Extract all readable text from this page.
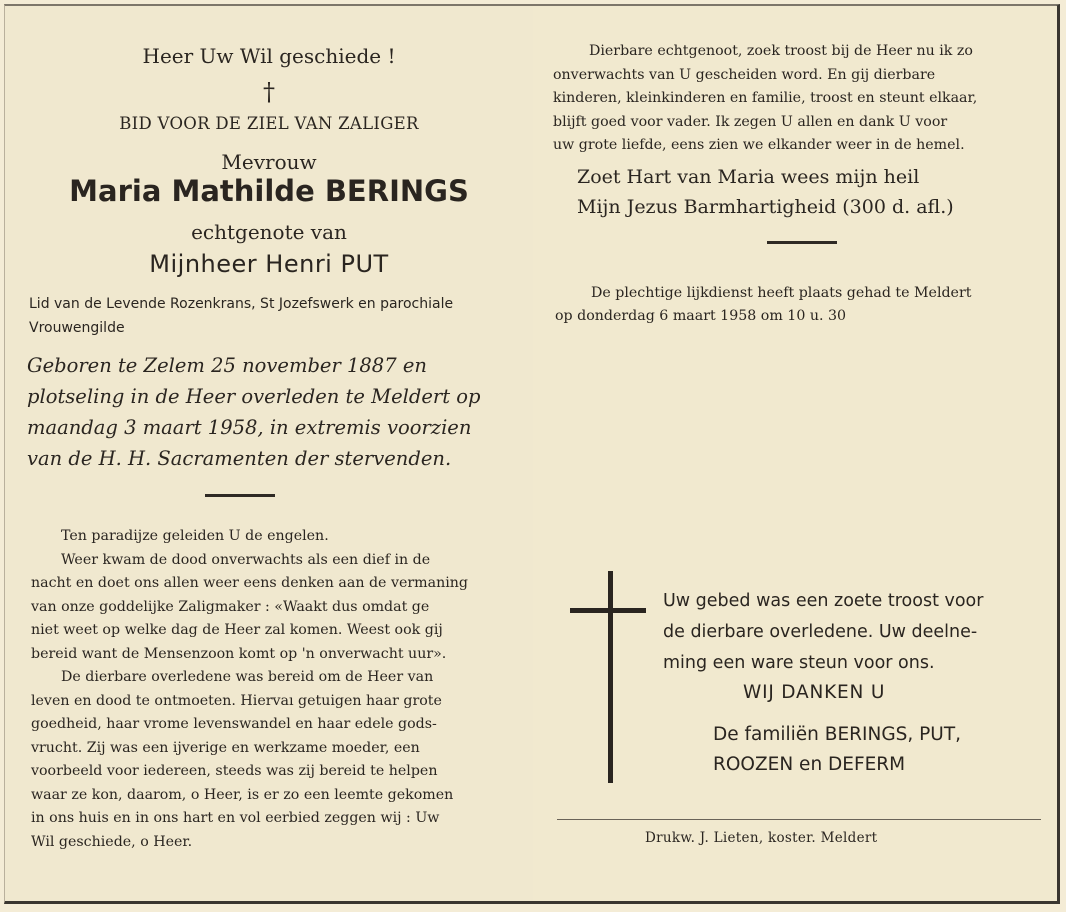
Heer Uw Wil geschiede !
†
BID VOOR DE ZIEL VAN ZALIGER
Mevrouw
Maria Mathilde BERINGS
echtgenote van
Mijnheer Henri PUT
Lid van de Levende Rozenkrans, St Jozefswerk en parochiale
Vrouwengilde
Geboren te Zelem 25 november 1887 en
plotseling in de Heer overleden te Meldert op
maandag 3 maart 1958, in extremis voorzien
van de H. H. Sacramenten der stervenden.
Ten paradijze geleiden U de engelen.
Weer kwam de dood onverwachts als een dief in de
nacht en doet ons allen weer eens denken aan de vermaning
van onze goddelijke Zaligmaker : «Waakt dus omdat ge
niet weet op welke dag de Heer zal komen. Weest ook gij
bereid want de Mensenzoon komt op 'n onverwacht uur».
De dierbare overledene was bereid om de Heer van
leven en dood te ontmoeten. Hiervaı getuigen haar grote
goedheid, haar vrome levenswandel en haar edele gods-
vrucht. Zij was een ijverige en werkzame moeder, een
voorbeeld voor iedereen, steeds was zij bereid te helpen
waar ze kon, daarom, o Heer, is er zo een leemte gekomen
in ons huis en in ons hart en vol eerbied zeggen wij : Uw
Wil geschiede, o Heer.
Dierbare echtgenoot, zoek troost bij de Heer nu ik zo
onverwachts van U gescheiden word. En gij dierbare
kinderen, kleinkinderen en familie, troost en steunt elkaar,
blijft goed voor vader. Ik zegen U allen en dank U voor
uw grote liefde, eens zien we elkander weer in de hemel.
Zoet Hart van Maria wees mijn heil
Mijn Jezus Barmhartigheid (300 d. afl.)
De plechtige lijkdienst heeft plaats gehad te Meldert
op donderdag 6 maart 1958 om 10 u. 30
Uw gebed was een zoete troost voor
de dierbare overledene. Uw deelne-
ming een ware steun voor ons.
WIJ DANKEN U
De familiën BERINGS, PUT,
ROOZEN en DEFERM
Drukw. J. Lieten, koster. Meldert
